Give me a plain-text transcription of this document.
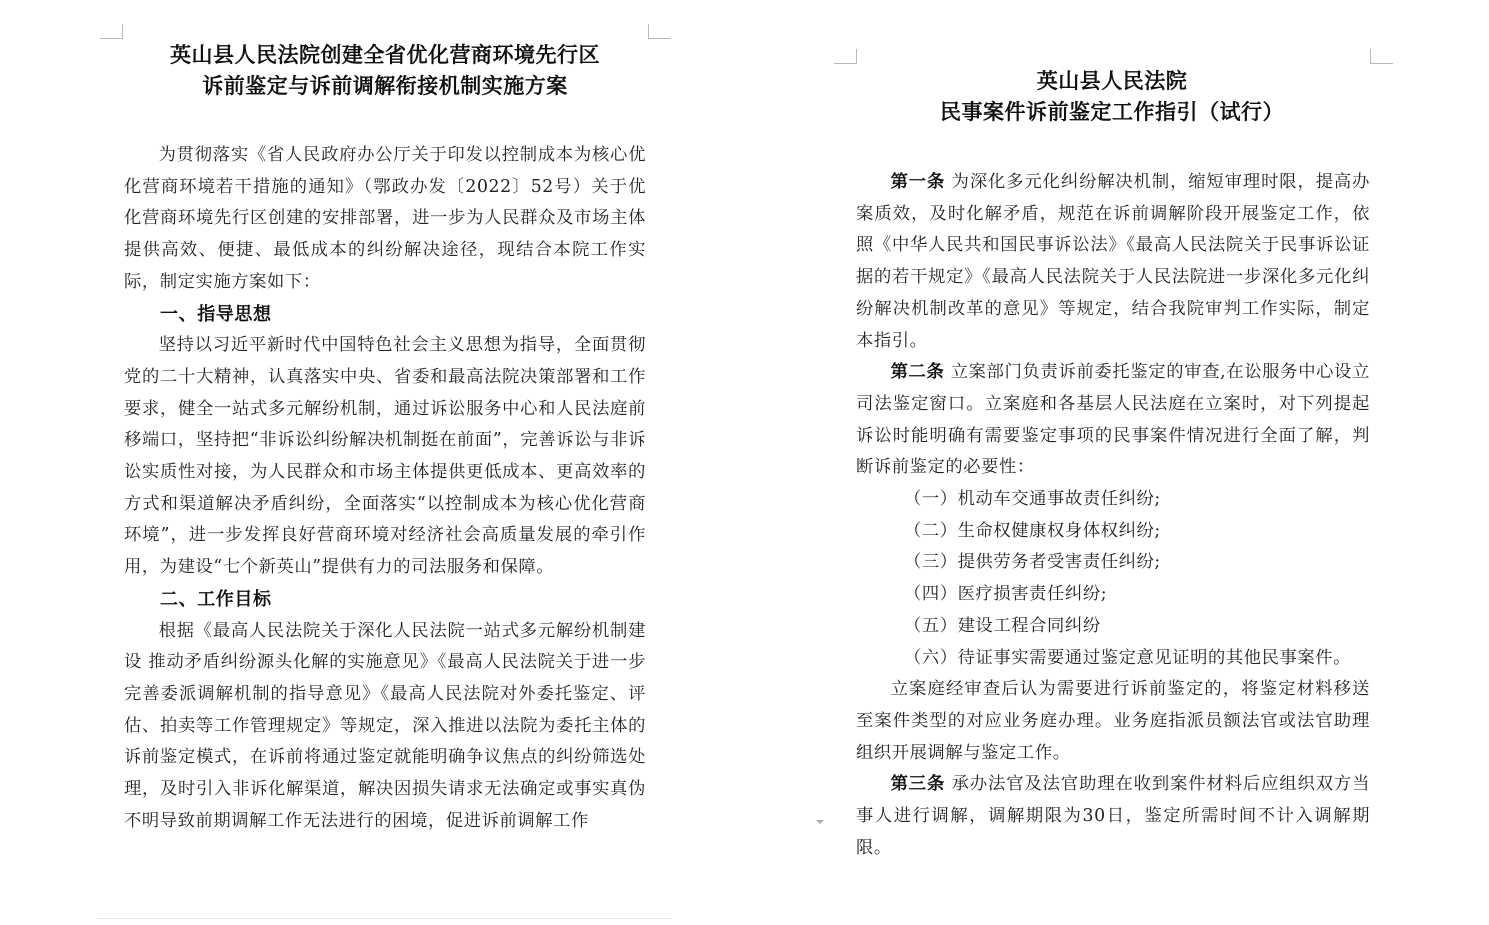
英山县人民法院创建全省优化营商环境先行区
诉前鉴定与诉前调解衔接机制实施方案

为贯彻落实《省人民政府办公厅关于印发以控制成本为核心优化营商环境若干措施的通知》（鄂政办发〔2022〕52号）关于优化营商环境先行区创建的安排部署，进一步为人民群众及市场主体提供高效、便捷、最低成本的纠纷解决途径，现结合本院工作实际，制定实施方案如下：

一、指导思想

坚持以习近平新时代中国特色社会主义思想为指导，全面贯彻党的二十大精神，认真落实中央、省委和最高法院决策部署和工作要求，健全一站式多元解纷机制，通过诉讼服务中心和人民法庭前移端口，坚持把“非诉讼纠纷解决机制挺在前面”，完善诉讼与非诉讼实质性对接，为人民群众和市场主体提供更低成本、更高效率的方式和渠道解决矛盾纠纷，全面落实“以控制成本为核心优化营商环境”，进一步发挥良好营商环境对经济社会高质量发展的牵引作用，为建设“七个新英山”提供有力的司法服务和保障。

二、工作目标

根据《最高人民法院关于深化人民法院一站式多元解纷机制建设 推动矛盾纠纷源头化解的实施意见》《最高人民法院关于进一步完善委派调解机制的指导意见》《最高人民法院对外委托鉴定、评估、拍卖等工作管理规定》等规定，深入推进以法院为委托主体的诉前鉴定模式，在诉前将通过鉴定就能明确争议焦点的纠纷筛选处理，及时引入非诉化解渠道，解决因损失请求无法确定或事实真伪不明导致前期调解工作无法进行的困境，促进诉前调解工作

英山县人民法院
民事案件诉前鉴定工作指引（试行）

第一条 为深化多元化纠纷解决机制，缩短审理时限，提高办案质效，及时化解矛盾，规范在诉前调解阶段开展鉴定工作，依照《中华人民共和国民事诉讼法》《最高人民法院关于民事诉讼证据的若干规定》《最高人民法院关于人民法院进一步深化多元化纠纷解决机制改革的意见》等规定，结合我院审判工作实际，制定本指引。

第二条 立案部门负责诉前委托鉴定的审查,在讼服务中心设立司法鉴定窗口。立案庭和各基层人民法庭在立案时，对下列提起诉讼时能明确有需要鉴定事项的民事案件情况进行全面了解，判断诉前鉴定的必要性：

（一）机动车交通事故责任纠纷;

（二）生命权健康权身体权纠纷;

（三）提供劳务者受害责任纠纷;

（四）医疗损害责任纠纷;

（五）建设工程合同纠纷

（六）待证事实需要通过鉴定意见证明的其他民事案件。

立案庭经审查后认为需要进行诉前鉴定的，将鉴定材料移送至案件类型的对应业务庭办理。业务庭指派员额法官或法官助理组织开展调解与鉴定工作。

第三条 承办法官及法官助理在收到案件材料后应组织双方当事人进行调解，调解期限为30日，鉴定所需时间不计入调解期限。
